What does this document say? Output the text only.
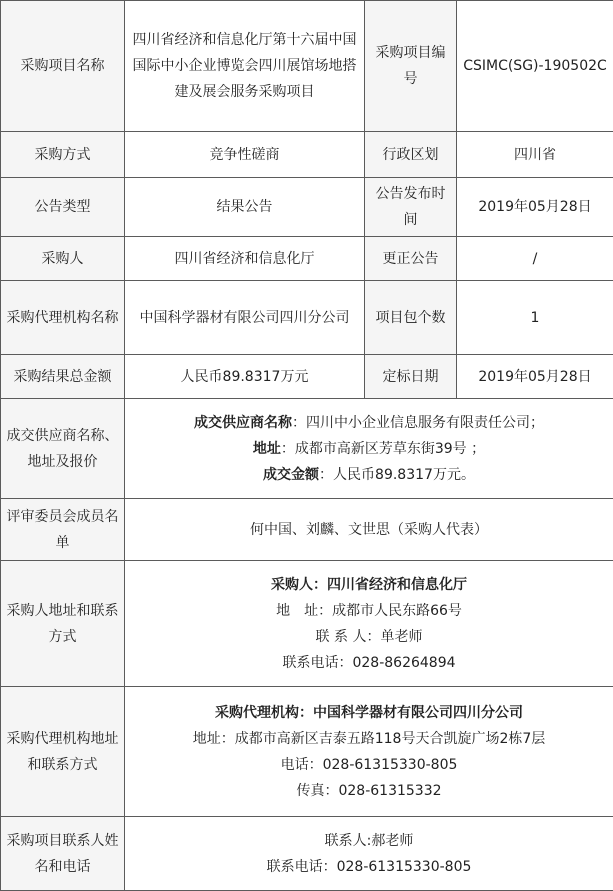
采购项目名称	四川省经济和信息化厅第十六届中国国际中小企业博览会四川展馆场地搭建及展会服务采购项目	采购项目编号	CSIMC(SG)-190502C
采购方式	竞争性磋商	行政区划	四川省
公告类型	结果公告	公告发布时间	2019年05月28日
采购人	四川省经济和信息化厅	更正公告	/
采购代理机构名称	中国科学器材有限公司四川分公司	项目包个数	1
采购结果总金额	人民币89.8317万元	定标日期	2019年05月28日
成交供应商名称、地址及报价	成交供应商名称：四川中小企业信息服务有限责任公司；
地址：成都市高新区芳草东街39号 ；
成交金额：人民币89.8317万元。		

评审委员会成员名单	何中国、刘麟、文世思（采购人代表）		
采购人地址和联系方式	采购人：四川省经济和信息化厅
地　址：成都市人民东路66号
联 系 人：单老师
联系电话：028-86264894		

采购代理机构地址和联系方式	采购代理机构：中国科学器材有限公司四川分公司
地址：成都市高新区吉泰五路118号天合凯旋广场2栋7层
电话：028-61315330-805
传真：028-61315332		

采购项目联系人姓名和电话	联系人:郝老师
联系电话：028-61315330-805		
